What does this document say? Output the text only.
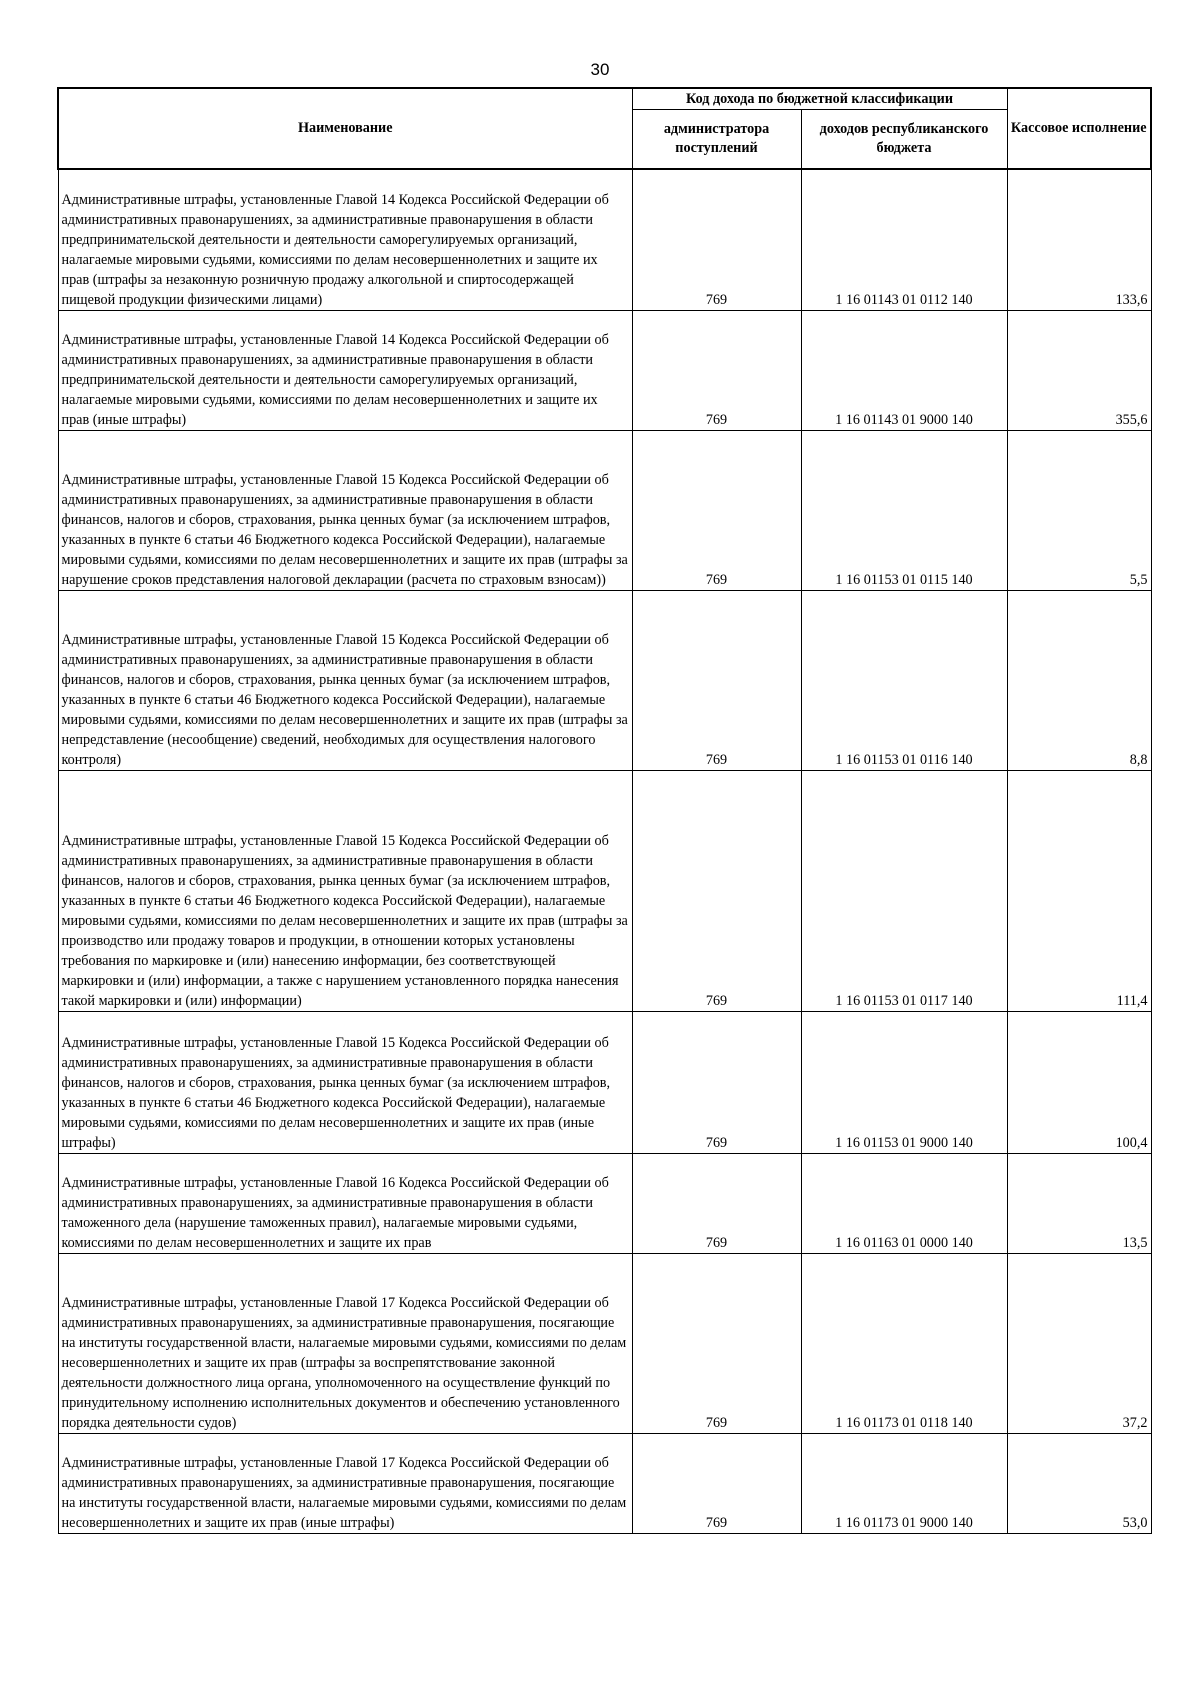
30
Наименование	Код дохода по бюджетной классификации		Кассовое исполнение
	администратора поступлений	доходов республиканского бюджета	
Административные штрафы, установленные Главой 14 Кодекса Российской Федерации об административных правонарушениях, за административные правонарушения в области предпринимательской деятельности и деятельности саморегулируемых организаций, налагаемые мировыми судьями, комиссиями по делам несовершеннолетних и защите их прав (штрафы за незаконную розничную продажу алкогольной и спиртосодержащей пищевой продукции физическими лицами)	769	1 16 01143 01 0112 140	133,6
Административные штрафы, установленные Главой 14 Кодекса Российской Федерации об административных правонарушениях, за административные правонарушения в области предпринимательской деятельности и деятельности саморегулируемых организаций, налагаемые мировыми судьями, комиссиями по делам несовершеннолетних и защите их прав (иные штрафы)	769	1 16 01143 01 9000 140	355,6
Административные штрафы, установленные Главой 15 Кодекса Российской Федерации об административных правонарушениях, за административные правонарушения в области финансов, налогов и сборов, страхования, рынка ценных бумаг (за исключением штрафов, указанных в пункте 6 статьи 46 Бюджетного кодекса Российской Федерации), налагаемые мировыми судьями, комиссиями по делам несовершеннолетних и защите их прав (штрафы за нарушение сроков представления налоговой декларации (расчета по страховым взносам))	769	1 16 01153 01 0115 140	5,5
Административные штрафы, установленные Главой 15 Кодекса Российской Федерации об административных правонарушениях, за административные правонарушения в области финансов, налогов и сборов, страхования, рынка ценных бумаг (за исключением штрафов, указанных в пункте 6 статьи 46 Бюджетного кодекса Российской Федерации), налагаемые мировыми судьями, комиссиями по делам несовершеннолетних и защите их прав (штрафы за непредставление (несообщение) сведений, необходимых для осуществления налогового контроля)	769	1 16 01153 01 0116 140	8,8
Административные штрафы, установленные Главой 15 Кодекса Российской Федерации об административных правонарушениях, за административные правонарушения в области финансов, налогов и сборов, страхования, рынка ценных бумаг (за исключением штрафов, указанных в пункте 6 статьи 46 Бюджетного кодекса Российской Федерации), налагаемые мировыми судьями, комиссиями по делам несовершеннолетних и защите их прав (штрафы за производство или продажу товаров и продукции, в отношении которых установлены требования по маркировке и (или) нанесению информации, без соответствующей маркировки и (или) информации, а также с нарушением установленного порядка нанесения такой маркировки и (или) информации)	769	1 16 01153 01 0117 140	111,4
Административные штрафы, установленные Главой 15 Кодекса Российской Федерации об административных правонарушениях, за административные правонарушения в области финансов, налогов и сборов, страхования, рынка ценных бумаг (за исключением штрафов, указанных в пункте 6 статьи 46 Бюджетного кодекса Российской Федерации), налагаемые мировыми судьями, комиссиями по делам несовершеннолетних и защите их прав (иные штрафы)	769	1 16 01153 01 9000 140	100,4
Административные штрафы, установленные Главой 16 Кодекса Российской Федерации об административных правонарушениях, за административные правонарушения в области таможенного дела (нарушение таможенных правил), налагаемые мировыми судьями, комиссиями по делам несовершеннолетних и защите их прав	769	1 16 01163 01 0000 140	13,5
Административные штрафы, установленные Главой 17 Кодекса Российской Федерации об административных правонарушениях, за административные правонарушения, посягающие на институты государственной власти, налагаемые мировыми судьями, комиссиями по делам несовершеннолетних и защите их прав (штрафы за воспрепятствование законной деятельности должностного лица органа, уполномоченного на осуществление функций по принудительному исполнению исполнительных документов и обеспечению установленного порядка деятельности судов)	769	1 16 01173 01 0118 140	37,2
Административные штрафы, установленные Главой 17 Кодекса Российской Федерации об административных правонарушениях, за административные правонарушения, посягающие на институты государственной власти, налагаемые мировыми судьями, комиссиями по делам несовершеннолетних и защите их прав (иные штрафы)	769	1 16 01173 01 9000 140	53,0
